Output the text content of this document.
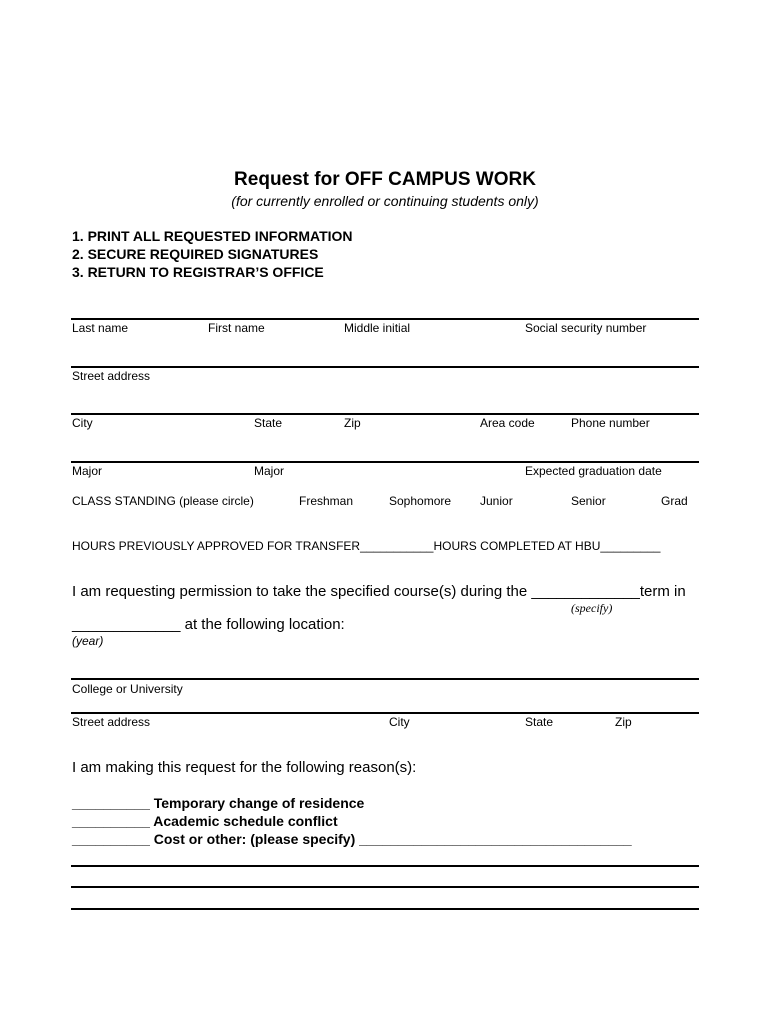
Request for OFF CAMPUS WORK
(for currently enrolled or continuing students only)
1. PRINT ALL REQUESTED INFORMATION
2. SECURE REQUIRED SIGNATURES
3. RETURN TO REGISTRAR’S OFFICE
Last name	First name	Middle initial	Social security number
Street address
City	State	Zip	Area code	Phone number
Major	Major	Expected graduation date
CLASS STANDING (please circle)	Freshman	Sophomore Junior	Senior	Grad
HOURS PREVIOUSLY APPROVED FOR TRANSFER___________HOURS COMPLETED AT HBU_________
I am requesting permission to take the specified course(s) during the _____________term in
(specify)
_____________ at the following location:
(year)
College or University
Street address	City	State	Zip
I am making this request for the following reason(s):
__________ Temporary change of residence
__________ Academic schedule conflict
__________ Cost or other: (please specify) ___________________________________
